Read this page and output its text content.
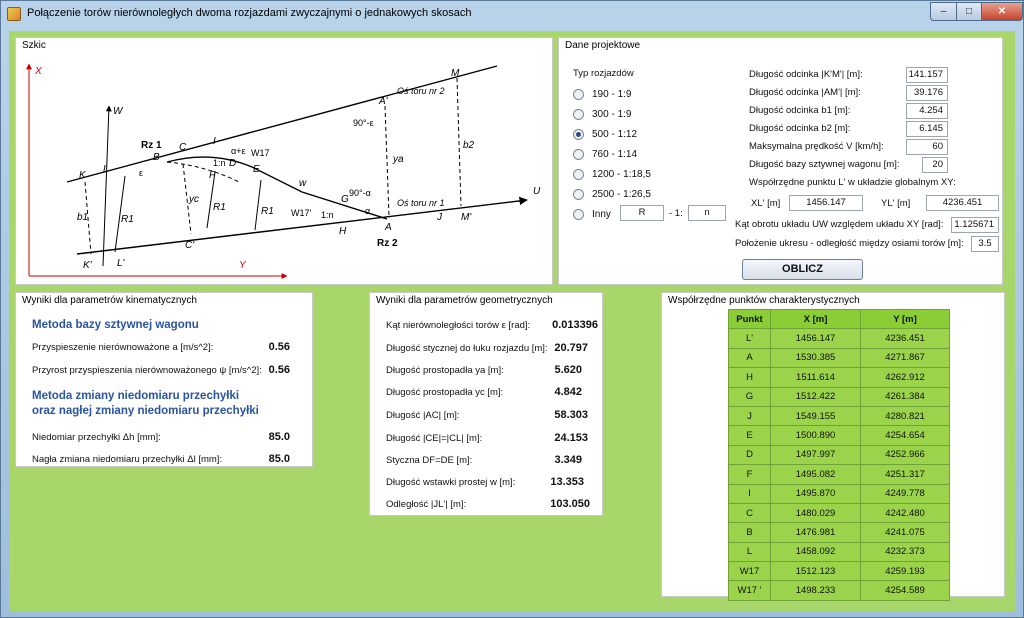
Połączenie torów nierównoległych dwoma rozjazdami zwyczajnymi o jednakowych skosach	–	□	✕
Szkic
X
Y
W
U
K
K'
L
L'
B
C
C'
I
F
D
E
G
H	A
A'
M
M'
J
Rz 1
Rz 2
R1
R1	R1
W17
W17'
w
1:n
1:n
ya
yc
b1
b2
90°-ε
90°-α
α+ε
α
ε
Oś toru nr 2
Oś toru nr 1
Dane projektowe
Typ rozjazdów
190 - 1:9
300 - 1:9
500 - 1:12
760 - 1:14
1200 - 1:18,5
2500 - 1:26,5
Inny	R	- 1:	n
Długość odcinka |K'M'| [m]:	141.157
Długość odcinka |AM'| [m]:	39.176
Długość odcinka b1 [m]:	4.254
Długość odcinka b2 [m]:	6.145
Maksymalna prędkość V [km/h]:	60
Długość bazy sztywnej wagonu [m]:	20
Współrzędne punktu L' w układzie globalnym XY:
XL' [m]	1456.147	YL' [m]	4236.451
Kąt obrotu układu UW względem układu XY [rad]:	1.125671
Położenie ukresu - odległość między osiami torów [m]:	3.5
OBLICZ
Wyniki dla parametrów kinematycznych
Metoda bazy sztywnej wagonu
Przyspieszenie nierównoważone a [m/s^2]:	0.56
Przyrost przyspieszenia nierównoważonego ψ [m/s^2]: 0.56
Metoda zmiany niedomiaru przechyłki
oraz nagłej zmiany niedomiaru przechyłki
Niedomiar przechyłki Δh [mm]:	85.0
Nagła zmiana niedomiaru przechyłki Δl [mm]:	85.0
Wyniki dla parametrów geometrycznych
Kąt nierównoległości torów ε [rad]:	0.013396
Długość stycznej do łuku rozjazdu [m]: 20.797
Długość prostopadła ya [m]:	5.620
Długość prostopadła yc [m]:	4.842
Długość |AC| [m]:	58.303
Długość |CE|=|CL| [m]:	24.153
Styczna DF=DE [m]:	3.349
Długość wstawki prostej w [m]:	13.353
Odległość |JL'| [m]:	103.050
Współrzędne punktów charakterystycznych
Punkt	X [m]	Y [m]
L'	1456.147	4236.451
A	1530.385	4271.867
H	1511.614	4262.912
G	1512.422	4261.384
J	1549.155	4280.821
E	1500.890	4254.654
D	1497.997	4252.966
F	1495.082	4251.317
I	1495.870	4249.778
C	1480.029	4242.480
B	1476.981	4241.075
L	1458.092	4232.373
W17	1512.123	4259.193
W17 '	1498.233	4254.589
